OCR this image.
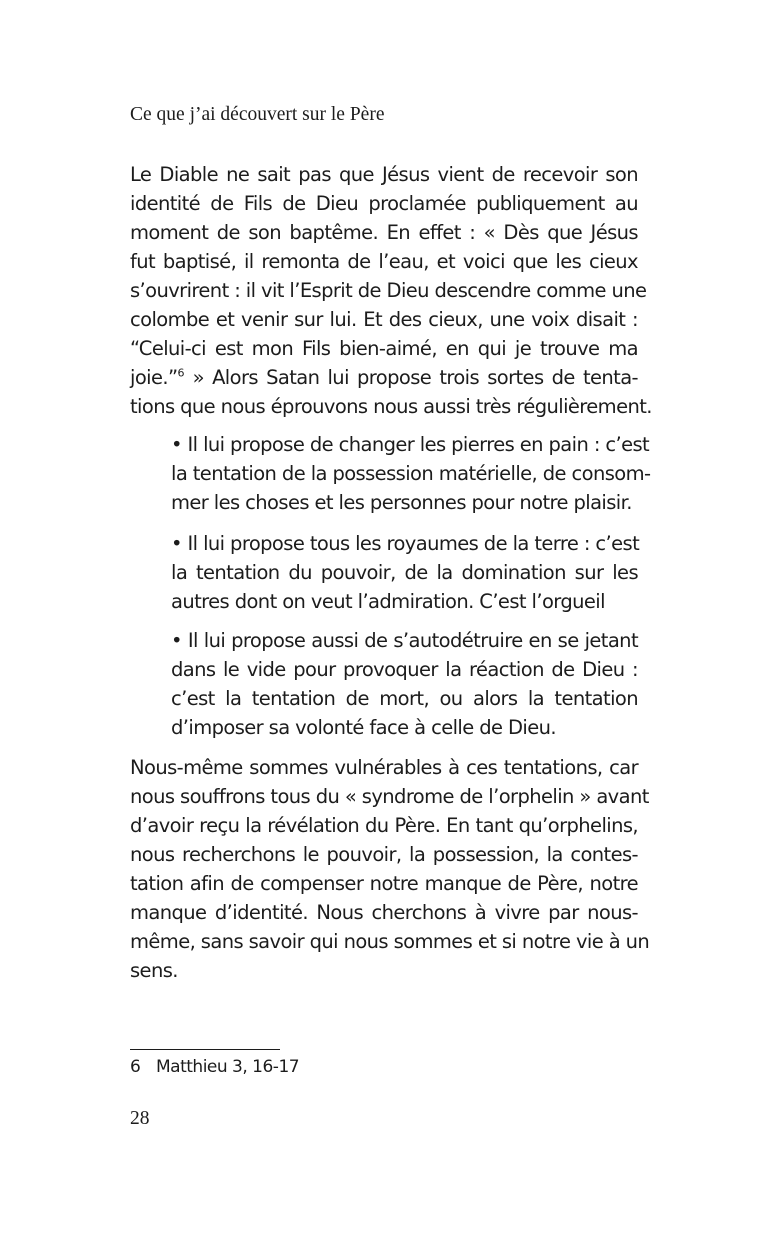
Ce que j’ai découvert sur le Père

Le Diable ne sait pas que Jésus vient de recevoir son
identité de Fils de Dieu proclamée publiquement au
moment de son baptême. En effet : « Dès que Jésus
fut baptisé, il remonta de l’eau, et voici que les cieux
s’ouvrirent : il vit l’Esprit de Dieu descendre comme une
colombe et venir sur lui. Et des cieux, une voix disait :
“Celui-ci est mon Fils bien-aimé, en qui je trouve ma
joie.”$^6$ » Alors Satan lui propose trois sortes de tenta-
tions que nous éprouvons nous aussi très régulièrement.
• Il lui propose de changer les pierres en pain : c’est
la tentation de la possession matérielle, de consom-
mer les choses et les personnes pour notre plaisir.
• Il lui propose tous les royaumes de la terre : c’est
la tentation du pouvoir, de la domination sur les
autres dont on veut l’admiration. C’est l’orgueil
• Il lui propose aussi de s’autodétruire en se jetant
dans le vide pour provoquer la réaction de Dieu :
c’est la tentation de mort, ou alors la tentation
d’imposer sa volonté face à celle de Dieu.
Nous-même sommes vulnérables à ces tentations, car
nous souffrons tous du « syndrome de l’orphelin » avant
d’avoir reçu la révélation du Père. En tant qu’orphelins,
nous recherchons le pouvoir, la possession, la contes-
tation afin de compenser notre manque de Père, notre
manque d’identité. Nous cherchons à vivre par nous-
même, sans savoir qui nous sommes et si notre vie à un
sens.

6 Matthieu 3, 16-17

28
